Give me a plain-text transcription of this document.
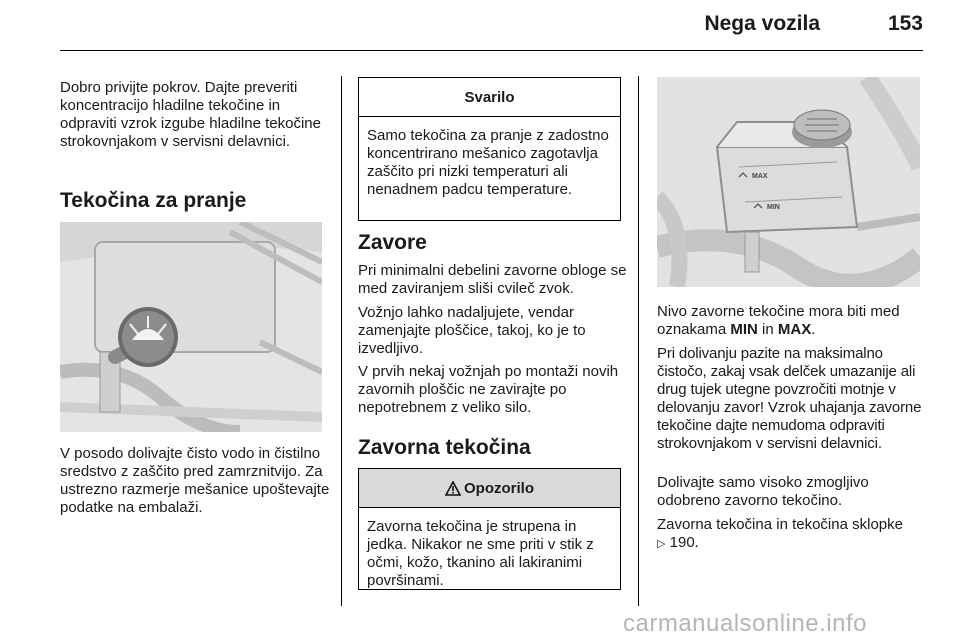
Nega vozila	153

Dobro privijte pokrov. Dajte preveriti koncentracijo hladilne tekočine in odpraviti vzrok izgube hladilne tekočine strokovnjakom v servisni delavnici.

Tekočina za pranje

V posodo dolivajte čisto vodo in čistilno sredstvo z zaščito pred zamrznitvijo. Za ustrezno razmerje mešanice upoštevajte podatke na embalaži.

Svarilo
Samo tekočina za pranje z zadostno koncentrirano mešanico zagotavlja zaščito pri nizki temperaturi ali nenadnem padcu temperature.
Zavore

Pri minimalni debelini zavorne obloge se med zaviranjem sliši cvileč zvok.

Vožnjo lahko nadaljujete, vendar zamenjajte ploščice, takoj, ko je to izvedljivo.

V prvih nekaj vožnjah po montaži novih zavornih ploščic ne zavirajte po nepotrebnem z veliko silo.

Zavorna tekočina
Opozorilo
Zavorna tekočina je strupena in jedka. Nikakor ne sme priti v stik z očmi, kožo, tkanino ali lakiranimi površinami.
MAX
MIN

Nivo zavorne tekočine mora biti med oznakama MIN in MAX.

Pri dolivanju pazite na maksimalno čistočo, zakaj vsak delček umazanije ali drug tujek utegne povzročiti motnje v delovanju zavor! Vzrok uhajanja zavorne tekočine dajte nemudoma odpraviti strokovnjakom v servisni delavnici.

Dolivajte samo visoko zmogljivo odobreno zavorno tekočino.

Zavorna tekočina in tekočina sklopke
▷ 190.

carmanualsonline.info
